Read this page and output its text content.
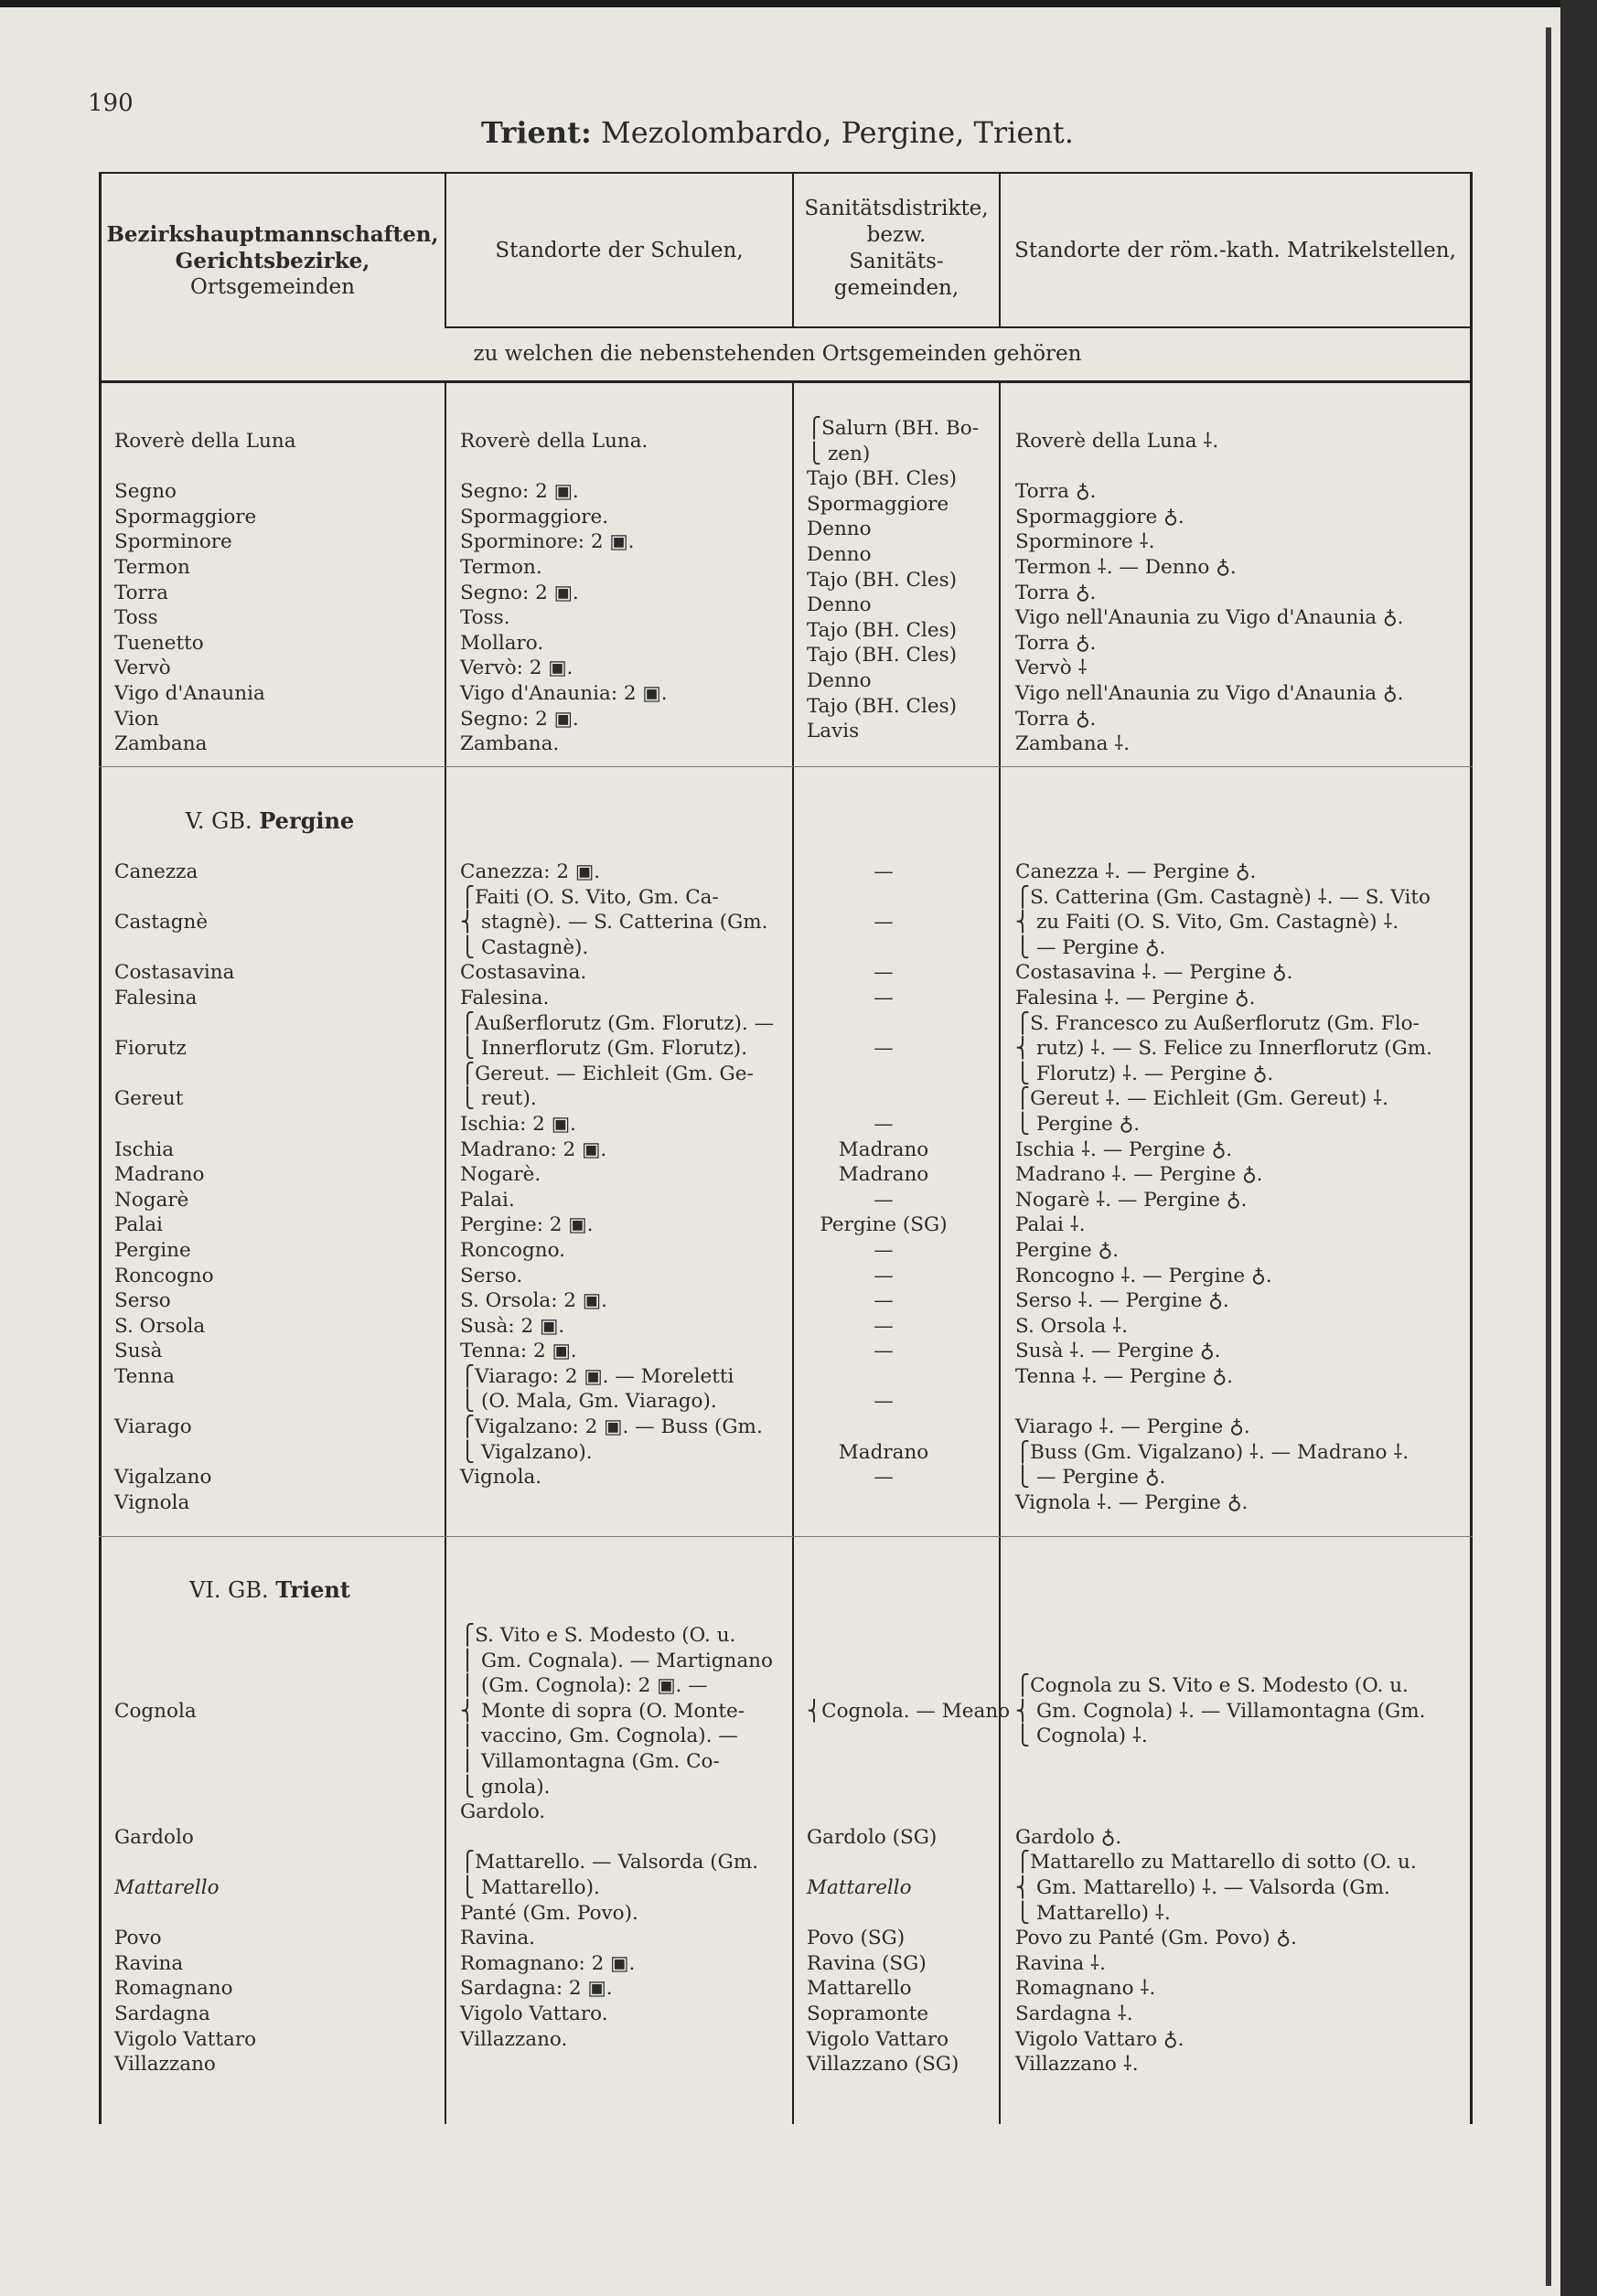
190
Trient: Mezolombardo, Pergine, Trient.
Bezirkshauptmannschaften,
Gerichtsbezirke,
Ortsgemeinden
Standorte der Schulen,
Sanitätsdistrikte,
bezw.
Sanitäts-
gemeinden,
Standorte der röm.-kath. Matrikelstellen,
zu welchen die nebenstehenden Ortsgemeinden gehören
Roverè della Luna
Segno
Spormaggiore
Sporminore
Termon
Torra
Toss
Tuenetto
Vervò
Vigo d'Anaunia
Vion
Zambana
Roverè della Luna.
Segno: 2 ▣.
Spormaggiore.
Sporminore: 2 ▣.
Termon.
Segno: 2 ▣.
Toss.
Mollaro.
Vervò: 2 ▣.
Vigo d'Anaunia: 2 ▣.
Segno: 2 ▣.
Zambana.
⎧Salurn (BH. Bo-
⎩ zen)
Tajo (BH. Cles)
Spormaggiore
Denno
Denno
Tajo (BH. Cles)
Denno
Tajo (BH. Cles)
Tajo (BH. Cles)
Denno
Tajo (BH. Cles)
Lavis
Roverè della Luna ⸸.
Torra ♁.
Spormaggiore ♁.
Sporminore ⸸.
Termon ⸸. — Denno ♁.
Torra ♁.
Vigo nell'Anaunia zu Vigo d'Anaunia ♁.
Torra ♁.
Vervò ⸸
Vigo nell'Anaunia zu Vigo d'Anaunia ♁.
Torra ♁.
Zambana ⸸.
V. GB. Pergine
Canezza
Castagnè
Costasavina
Falesina
Fiorutz
Gereut
Ischia
Madrano
Nogarè
Palai
Pergine
Roncogno
Serso
S. Orsola
Susà
Tenna
Viarago
Vigalzano
Vignola
Canezza: 2 ▣.
⎧Faiti (O. S. Vito, Gm. Ca-
⎨ stagnè). — S. Catterina (Gm.
⎩ Castagnè).
Costasavina.
Falesina.
⎧Außerflorutz (Gm. Florutz). —
⎩ Innerflorutz (Gm. Florutz).
⎧Gereut. — Eichleit (Gm. Ge-
⎩ reut).
Ischia: 2 ▣.
Madrano: 2 ▣.
Nogarè.
Palai.
Pergine: 2 ▣.
Roncogno.
Serso.
S. Orsola: 2 ▣.
Susà: 2 ▣.
Tenna: 2 ▣.
⎧Viarago: 2 ▣. — Moreletti
⎩ (O. Mala, Gm. Viarago).
⎧Vigalzano: 2 ▣. — Buss (Gm.
⎩ Vigalzano).
Vignola.
—
—
—
—
—
—
Madrano
Madrano
—
Pergine (SG)
—
—
—
—
—
—
Madrano
—
Canezza ⸸. — Pergine ♁.
⎧S. Catterina (Gm. Castagnè) ⸸. — S. Vito
⎨ zu Faiti (O. S. Vito, Gm. Castagnè) ⸸.
⎩ — Pergine ♁.
Costasavina ⸸. — Pergine ♁.
Falesina ⸸. — Pergine ♁.
⎧S. Francesco zu Außerflorutz (Gm. Flo-
⎨ rutz) ⸸. — S. Felice zu Innerflorutz (Gm.
⎩ Florutz) ⸸. — Pergine ♁.
⎧Gereut ⸸. — Eichleit (Gm. Gereut) ⸸.
⎩ Pergine ♁.
Ischia ⸸. — Pergine ♁.
Madrano ⸸. — Pergine ♁.
Nogarè ⸸. — Pergine ♁.
Palai ⸸.
Pergine ♁.
Roncogno ⸸. — Pergine ♁.
Serso ⸸. — Pergine ♁.
S. Orsola ⸸.
Susà ⸸. — Pergine ♁.
Tenna ⸸. — Pergine ♁.
Viarago ⸸. — Pergine ♁.
⎧Buss (Gm. Vigalzano) ⸸. — Madrano ⸸.
⎩ — Pergine ♁.
Vignola ⸸. — Pergine ♁.
VI. GB. Trient
Cognola
Gardolo
Mattarello
Povo
Ravina
Romagnano
Sardagna
Vigolo Vattaro
Villazzano
⎧S. Vito e S. Modesto (O. u.
⎪ Gm. Cognala). — Martignano
⎪ (Gm. Cognola): 2 ▣. —
⎨ Monte di sopra (O. Monte-
⎪ vaccino, Gm. Cognola). —
⎪ Villamontagna (Gm. Co-
⎩ gnola).
Gardolo.
⎧Mattarello. — Valsorda (Gm.
⎩ Mattarello).
Panté (Gm. Povo).
Ravina.
Romagnano: 2 ▣.
Sardagna: 2 ▣.
Vigolo Vattaro.
Villazzano.
⎨Cognola. — Meano
Gardolo (SG)
Mattarello
Povo (SG)
Ravina (SG)
Mattarello
Sopramonte
Vigolo Vattaro
Villazzano (SG)
⎧Cognola zu S. Vito e S. Modesto (O. u.
⎨ Gm. Cognola) ⸸. — Villamontagna (Gm.
⎩ Cognola) ⸸.
Gardolo ♁.
⎧Mattarello zu Mattarello di sotto (O. u.
⎨ Gm. Mattarello) ⸸. — Valsorda (Gm.
⎩ Mattarello) ⸸.
Povo zu Panté (Gm. Povo) ♁.
Ravina ⸸.
Romagnano ⸸.
Sardagna ⸸.
Vigolo Vattaro ♁.
Villazzano ⸸.
